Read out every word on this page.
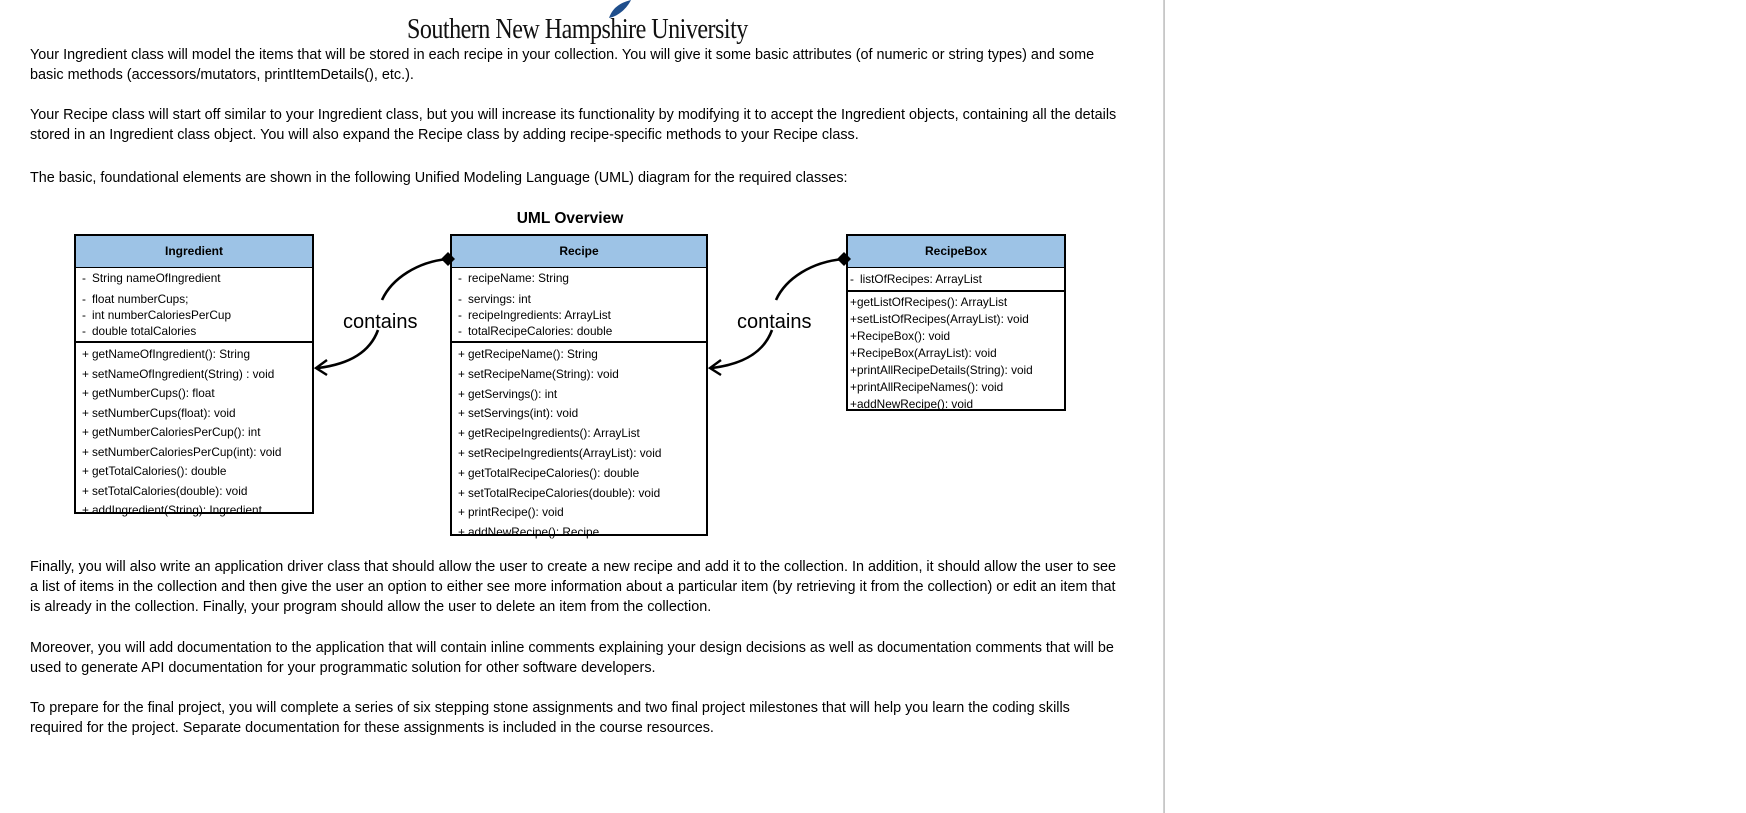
Southern New Hampshire University

Your Ingredient class will model the items that will be stored in each recipe in your collection. You will give it some basic attributes (of numeric or string types) and some basic methods (accessors/mutators, printItemDetails(), etc.).

Your Recipe class will start off similar to your Ingredient class, but you will increase its functionality by modifying it to accept the Ingredient objects, containing all the details stored in an Ingredient class object. You will also expand the Recipe class by adding recipe-specific methods to your Recipe class.

The basic, foundational elements are shown in the following Unified Modeling Language (UML) diagram for the required classes:

UML Overview
Ingredient
- String nameOfIngredient
- float numberCups;
- int numberCaloriesPerCup
- double totalCalories
+ getNameOfIngredient(): String
+ setNameOfIngredient(String) : void
+ getNumberCups(): float
+ setNumberCups(float): void
+ getNumberCaloriesPerCup(): int
+ setNumberCaloriesPerCup(int): void
+ getTotalCalories(): double
+ setTotalCalories(double): void
+ addIngredient(String): Ingredient
Recipe
- recipeName: String
- servings: int
- recipeIngredients: ArrayList
- totalRecipeCalories: double
+ getRecipeName(): String
+ setRecipeName(String): void
+ getServings(): int
+ setServings(int): void
+ getRecipeIngredients(): ArrayList
+ setRecipeIngredients(ArrayList): void
+ getTotalRecipeCalories(): double
+ setTotalRecipeCalories(double): void
+ printRecipe(): void
+ addNewRecipe(): Recipe
RecipeBox
- listOfRecipes: ArrayList
+getListOfRecipes(): ArrayList
+setListOfRecipes(ArrayList): void
+RecipeBox(): void
+RecipeBox(ArrayList): void
+printAllRecipeDetails(String): void
+printAllRecipeNames(): void
+addNewRecipe(): void
contains	contains

Finally, you will also write an application driver class that should allow the user to create a new recipe and add it to the collection. In addition, it should allow the user to see a list of items in the collection and then give the user an option to either see more information about a particular item (by retrieving it from the collection) or edit an item that is already in the collection. Finally, your program should allow the user to delete an item from the collection.

Moreover, you will add documentation to the application that will contain inline comments explaining your design decisions as well as documentation comments that will be used to generate API documentation for your programmatic solution for other software developers.

To prepare for the final project, you will complete a series of six stepping stone assignments and two final project milestones that will help you learn the coding skills required for the project. Separate documentation for these assignments is included in the course resources.
